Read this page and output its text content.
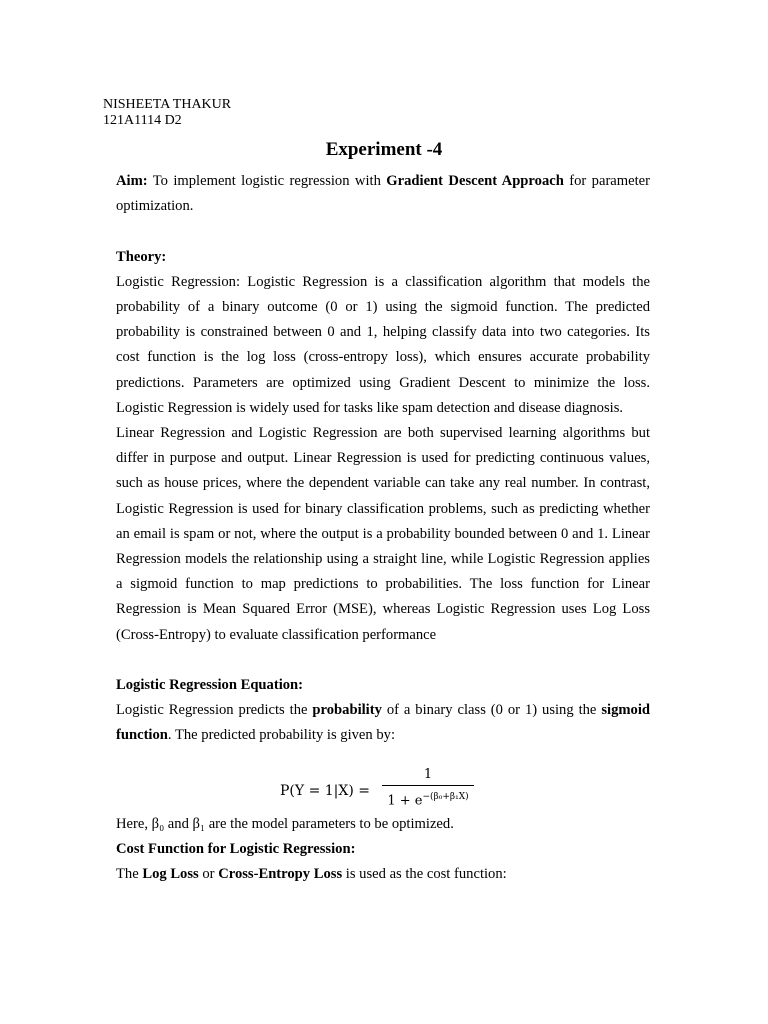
NISHEETA THAKUR
121A1114 D2
Experiment -4

Aim: To implement logistic regression with Gradient Descent Approach for parameter optimization.

Theory:

Logistic Regression: Logistic Regression is a classification algorithm that models the probability of a binary outcome (0 or 1) using the sigmoid function. The predicted probability is constrained between 0 and 1, helping classify data into two categories. Its cost function is the log loss (cross-entropy loss), which ensures accurate probability predictions. Parameters are optimized using Gradient Descent to minimize the loss. Logistic Regression is widely used for tasks like spam detection and disease diagnosis.

Linear Regression and Logistic Regression are both supervised learning algorithms but differ in purpose and output. Linear Regression is used for predicting continuous values, such as house prices, where the dependent variable can take any real number. In contrast, Logistic Regression is used for binary classification problems, such as predicting whether an email is spam or not, where the output is a probability bounded between 0 and 1. Linear Regression models the relationship using a straight line, while Logistic Regression applies a sigmoid function to map predictions to probabilities. The loss function for Linear Regression is Mean Squared Error (MSE), whereas Logistic Regression uses Log Loss (Cross-Entropy) to evaluate classification performance

Logistic Regression Equation:

Logistic Regression predicts the probability of a binary class (0 or 1) using the sigmoid function. The predicted probability is given by:

P(Y = 1|X) =
1
$1 + e^{-(\beta_0+\beta_1X)}$

Here, β₀ and β₁ are the model parameters to be optimized.

Cost Function for Logistic Regression:

The Log Loss or Cross-Entropy Loss is used as the cost function:
